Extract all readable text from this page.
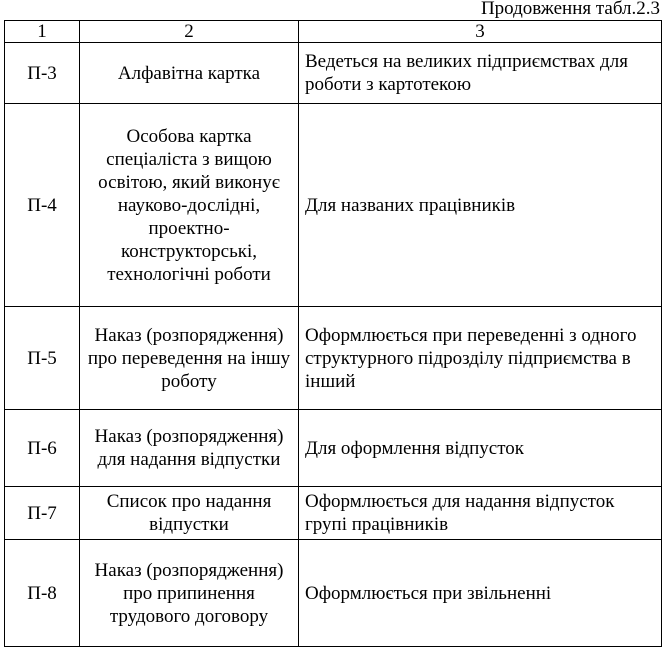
Продовження табл.2.3
1	2	3
П-3	Алфавітна картка	Ведеться на великих підприємствах для роботи з картотекою
П-4	Особова картка спеціаліста з вищою освітою, який виконує науково-дослідні, проектно-конструкторські, технологічні роботи	Для названих працівників
П-5	Наказ (розпорядження) про переведення на іншу роботу	Оформлюється при переведенні з одного структурного підрозділу підприємства в інший
П-6	Наказ (розпорядження) для надання відпустки	Для оформлення відпусток
П-7	Список про надання відпустки	Оформлюється для надання відпусток групі працівників
П-8	Наказ (розпорядження) про припинення трудового договору	Оформлюється при звільненні
